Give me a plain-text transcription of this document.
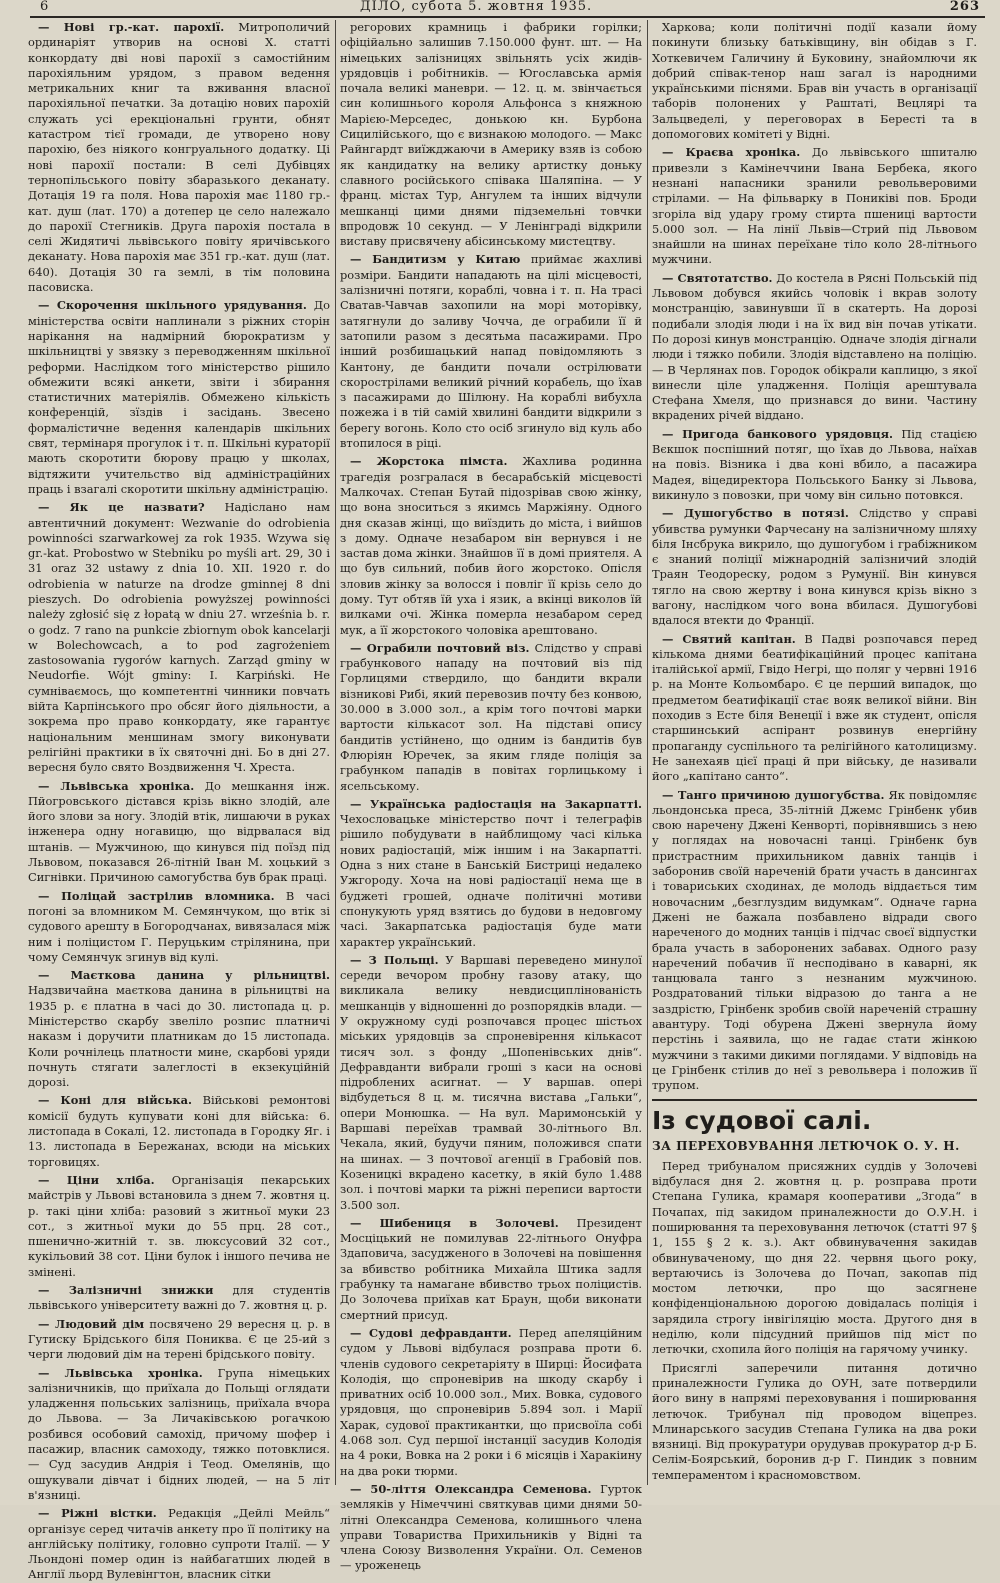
6	ДІЛО, субота 5. жовтня 1935.	263

— Нові гр.-кат. парохії. Митрополичий ординаріят утворив на основі X. статті конкордату дві нові парохії з самостійним парохіяльним урядом, з правом ведення метрикальних книг та вживання власної парохіяльної печатки. За дотацію нових парохій служать усі ерекціональні грунти, обнят катастром тієї громади, де утворено нову парохію, без ніякого конгруального додатку. Ці нові парохії постали: В селі Дубівцях тернопільського повіту збаразького деканату. Дотація 19 га поля. Нова парохія має 1180 гр.-кат. душ (лат. 170) а дотепер це село належало до парохії Стегників. Друга парохія постала в селі Жидятичі львівського повіту яричівського деканату. Нова парохія має 351 гр.-кат. душ (лат. 640). Дотація 30 га землі, в тім половина пасовиска.

— Скорочення шкільного урядування. До міністерства освіти наплинали з ріжних сторін нарікання на надмірний бюрократизм у шкільництві у звязку з переводженням шкільної реформи. Наслідком того міністерство рішило обмежити всякі анкети, звіти і збирання статистичних матеріялів. Обмежено кількість конференцій, зїздів і засідань. Звесено формалістичне ведення календарів шкільних свят, термінаря прогулок і т. п. Шкільні кураторії мають скоротити бюрову працю у школах, відтяжити учительство від адміністраційних праць і взагалі скоротити шкільну адміністрацію.

— Як це назвати? Надіслано нам автентичний документ: Wezwanie do odrobienia powinności szarwarkowej za rok 1935. Wzywa się gr.-kat. Probostwo w Stebniku po myśli art. 29, 30 i 31 oraz 32 ustawy z dnia 10. XII. 1920 r. do odrobienia w naturze na drodze gminnej 8 dni pieszych. Do odrobienia powyższej powinności należy zgłosić się z łopatą w dniu 27. września b. r. o godz. 7 rano na punkcie zbiornym obok kancelarji w Bolechowcach, a to pod zagrożeniem zastosowania rygorów karnych. Zarząd gminy w Neudorfie. Wójt gminy: I. Karpiński. Не сумніваємось, що компетентні чинники повчать війта Карпінського про обсяг його діяльности, а зокрема про право конкордату, яке гарантує національним меншинам змогу виконувати релігійні практики в їх святочні дні. Бо в дні 27. вересня було свято Воздвиження Ч. Хреста.

— Львівська хроніка. До мешкання інж. Пйогровського дістався крізь вікно злодій, але його злови за ногу. Злодій втік, лишаючи в руках інженера одну ногавицю, що відрвалася від штанів. — Мужчиною, що кинувся під поїзд під Львовом, показався 26-літній Іван М. хоцький з Сигнівки. Причиною самогубства був брак праці.

— Поліцай застрілив вломника. В часі погоні за вломником М. Семянчуком, що втік зі судового арешту в Богородчанах, вивязалася між ним і поліцистом Г. Перуцьким стрілянина, при чому Семянчук згинув від кулі.

— Маєткова данина у рільництві. Надзвичайна маєткова данина в рільництві на 1935 р. є платна в часі до 30. листопада ц. р. Міністерство скарбу звеліло розпис платничі наказм і доручити платникам до 15 листопада. Коли рочнілець платности мине, скарбові уряди почнуть стягати залеглості в екзекуційній дорозі.

— Коні для війська. Військові ремонтові комісії будуть купувати коні для війська: 6. листопада в Сокалі, 12. листопада в Городку Яг. і 13. листопада в Бережанах, всюди на міських торговицях.

— Ціни хліба. Організація пекарських майстрів у Львові встановила з днем 7. жовтня ц. р. такі ціни хліба: разовий з житньої муки 23 сот., з житньої муки до 55 прц. 28 сот., пшенично-житній т. зв. люксусовий 32 сот., кукільовий 38 сот. Ціни булок і іншого печива не змінені.

— Залізничні знижки для студентів львівського університету важні до 7. жовтня ц. р.

— Людовий дім посвячено 29 вересня ц. р. в Гутиску Брідського біля Пониква. Є це 25-ий з черги людовий дім на терені брідського повіту.

— Львівська хроніка. Група німецьких залізничників, що приїхала до Польщі оглядати уладження польських залізниць, приїхала вчора до Львова. — За Личаківською рогачкою розбився особовий самохід, причому шофер і пасажир, власник самоходу, тяжко потовклися. — Суд засудив Андрія і Теод. Омелянів, що ошукували дівчат і бідних людей, — на 5 літ в'язниці.

— Ріжні вістки. Редакція „Дейлі Мейль“ організує серед читачів анкету про її політику на англійську політику, головно супроти Італії. — У Льондоні помер один із найбагатших людей в Англії льорд Вулевінгтон, власник сітки

регорових крамниць і фабрики горілки; офіційально залишив 7.150.000 фунт. шт. — На німецьких залізницях звільнять усіх жидів-урядовців і робітників. — Югославська армія почала великі маневри. — 12. ц. м. звінчається син колишнього короля Альфонса з княжною Марією-Мерседес, донькою кн. Бурбона Сицилійського, що є визнакою молодого. — Макс Райнгардт виїжджаючи в Америку взяв із собою як кандидатку на велику артистку доньку славного російського співака Шаляпіна. — У франц. містах Тур, Ангулем та інших відчули мешканці цими днями підземельні товчки впродовж 10 секунд. — У Ленінграді відкрили виставу присвячену абісинському мистецтву.

— Бандитизм у Китаю приймає жахливі розміри. Бандити нападають на цілі місцевості, залізничні потяги, кораблі, човна і т. п. На трасі Сватав-Чавчав захопили на морі моторівку, затягнули до заливу Чочча, де ограбили її й затопили разом з десятьма пасажирами. Про інший розбишацький напад повідомляють з Кантону, де бандити почали острілювати скорострілами великий річний корабель, що їхав з пасажирами до Шілюну. На кораблі вибухла пожежа і в тій самій хвилині бандити відкрили з берегу вогонь. Коло сто осіб згинуло від куль або втопилося в ріці.

— Жорстока пімста. Жахлива родинна трагедія розгралася в бесарабській місцевості Малкочах. Степан Бутай підозрівав свою жінку, що вона зноситься з якимсь Маржіяну. Одного дня сказав жінці, що виїздить до міста, і вийшов з дому. Одначе незабаром він вернувся і не застав дома жінки. Знайшов її в домі приятеля. А що був сильний, побив його жорстоко. Опісля зловив жінку за волосся і повліг її крізь село до дому. Тут обтяв їй уха і язик, а вкінці виколов їй вилками очі. Жінка померла незабаром серед мук, а її жорстокого чоловіка арештовано.

— Ограбили почтовий віз. Слідство у справі грабункового нападу на почтовий віз під Горлицями ствердило, що бандити вкрали візникові Рибі, який перевозив почту без конвою, 30.000 в 3.000 зол., а крім того почтові марки вартости кількасот зол. На підставі опису бандитів устійнено, що одним із бандитів був Флюріян Юречек, за яким гляде поліція за грабунком пападів в повітах горлицькому і ясельському.

— Українська радіостація на Закарпатті. Чехословацьке міністерство почт і телеграфів рішило побудувати в найблищому часі кілька нових радіостацій, між іншим і на Закарпатті. Одна з них стане в Банській Бистриці недалеко Ужгороду. Хоча на нові радіостації нема ще в буджеті грошей, одначе політичні мотиви спонукують уряд взятись до будови в недовгому часі. Закарпатська радіостація буде мати характер український.

— З Польщі. У Варшаві переведено минулої середи вечором пробну газову атаку, що викликала велику невдисциплінованість мешканців у відношенні до розпорядків влади. — У окружному суді розпочався процес шістьох міських урядовців за спроневірення кількасот тисяч зол. з фонду „Шопенівських днів“. Дефравданти вибрали гроші з каси на основі підроблених асигнат. — У варшав. опері відбудеться 8 ц. м. тисячна вистава „Гальки“, опери Монюшка. — На вул. Маримонській у Варшаві переїхав трамвай 30-літнього Вл. Чекала, який, будучи пяним, положився спати на шинах. — З почтової агенції в Грабовій пов. Козеницкі вкрадено касетку, в якій було 1.488 зол. і почтові марки та ріжні переписи вартости 3.500 зол.

— Шибениця в Золочеві. Президент Мосціцький не помилував 22-літнього Онуфра Здаповича, засудженого в Золочеві на повішення за вбивство робітника Михайла Штика задля грабунку та намагане вбивство трьох поліцистів. До Золочева приїхав кат Браун, щоби виконати смертний присуд.

— Судові дефравданти. Перед апеляційним судом у Львові відбулася розправа проти 6. членів судового секретаріяту в Ширці: Йосифата Колодія, що спроневірив на шкоду скарбу і приватних осіб 10.000 зол., Мих. Вовка, судового урядовця, що спроневірив 5.894 зол. і Марії Харак, судової практикантки, що присвоїла собі 4.068 зол. Суд першої інстанції засудив Колодія на 4 роки, Вовка на 2 роки і 6 місяців і Харакіину на два роки тюрми.

— 50-ліття Олександра Семенова. Гурток земляків у Німеччині святкував цими днями 50-літні Олександра Семенова, колишнього члена управи Товариства Прихильників у Відні та члена Союзу Визволення України. Ол. Семенов — уроженець

Харкова; коли політичні події казали йому покинути близьку батьківщину, він обідав з Г. Хоткевичем Галичину й Буковину, знайомлючи як добрий співак-тенор наш загал із народними українськими піснями. Брав він участь в організації таборів полонених у Раштаті, Вецлярі та Зальцведелі, у переговорах в Бересті та в допомогових комітеті у Відні.

— Краєва хроніка. До львівського шпиталю привезли з Камінеччини Івана Бербека, якого незнані напасники зранили револьверовими стрілами. — На фільварку в Пониківі пов. Броди згоріла від удару грому стирта пшениці вартости 5.000 зол. — На лінії Львів—Стрий під Львовом знайшли на шинах переїхане тіло коло 28-літнього мужчини.

— Святотатство. До костела в Рясні Польській під Львовом добувся якийсь чоловік і вкрав золоту монстранцію, завинувши її в скатерть. На дорозі подибали злодія люди і на їх вид він почав утікати. По дорозі кинув монстранцію. Одначе злодія дігнали люди і тяжко побили. Злодія відставлено на поліцію. — В Черлянах пов. Городок обікрали каплицю, з якої винесли ціле уладження. Поліція арештувала Стефана Хмеля, що признався до вини. Частину вкрадених річей віддано.

— Пригода банкового урядовця. Під стацією Вєкшок поспішний потяг, що їхав до Львова, наїхав на повіз. Візника і два коні вбило, а пасажира Мадея, віцедиректора Польського Банку зі Львова, викинуло з повозки, при чому він сильно потовкся.

— Душогубство в потязі. Слідство у справі убивства румунки Фарчесану на залізничному шляху біля Інсбрука викрило, що душогубом і грабіжником є знаний поліції міжнародній залізничий злодій Траян Теодореску, родом з Румунії. Він кинувся тягло на свою жертву і вона кинувся крізь вікно з вагону, наслідком чого вона вбилася. Душогубові вдалося втекти до Франції.

— Святий капітан. В Падві розпочався перед кількома днями беатифікаційний процес капітана італійської армії, Гвідо Негрі, що поляг у червні 1916 р. на Монте Кольомбаро. Є це перший випадок, що предметом беатифікації стає вояк великої війни. Він походив з Есте біля Венеції і вже як студент, опісля старшинський аспірант розвинув енергійну пропаганду суспільного та релігійного католицизму. Не занехаяв цієї праці й при війську, де називали його „капітано санто“.

— Танго причиною душогубства. Як повідомляє льондонська преса, 35-літній Джемс Грінбенк убив свою наречену Джені Кенворті, порівнявшись з нею у поглядах на новочасні танці. Грінбенк був пристрастним прихильником давніх танців і заборонив своїй нареченій брати участь в дансингах і товариських сходинах, де молодь віддається тим новочасним „безглуздим видумкам“. Одначе гарна Джені не бажала позбавлено відради свого нареченого до модних танців і підчас своєї відпустки брала участь в заборонених забавах. Одного разу наречений побачив її несподівано в каварні, як танцювала танго з незнаним мужчиною. Роздратований тільки відразою до танга а не заздрістю, Грінбенк зробив своїй нареченій страшну авантуру. Тоді обурена Джені звернула йому перстінь і заявила, що не гадає стати жінкою мужчини з такими дикими поглядами. У відповідь на це Грінбенк стілив до неї з револьвера і положив її трупом.

Із судової салі.
ЗА ПЕРЕХОВУВАННЯ ЛЕТЮЧОК О. У. Н.

Перед трибуналом присяжних суддів у Золочеві відбулася дня 2. жовтня ц. р. розправа проти Степана Гулика, крамаря кооперативи „Згода“ в Почапах, під закидом приналежности до О.У.Н. і поширювання та переховування летючок (статті 97 § 1, 155 § 2 к. з.). Акт обвинувачення закидав обвинуваченому, що дня 22. червня цього року, вертаючись із Золочева до Почап, закопав під мостом летючки, про що засягнене конфіденціональною дорогою довідалась поліція і зарядила строгу інвігіляцію моста. Другого дня в неділю, коли підсудний прийшов під міст по летючки, схопила його поліція на гарячому учинку.

Присяглі заперечили питання дотично приналежности Гулика до ОУН, зате потвердили його вину в напрямі переховування і поширювання летючок. Трибунал під проводом віцепрез. Млинарського засудив Степана Гулика на два роки вязниці. Від прокуратури орудував прокуратор д-р Б. Селім-Боярський, боронив д-р Г. Пиндик з повним темпераментом і красномовством.
